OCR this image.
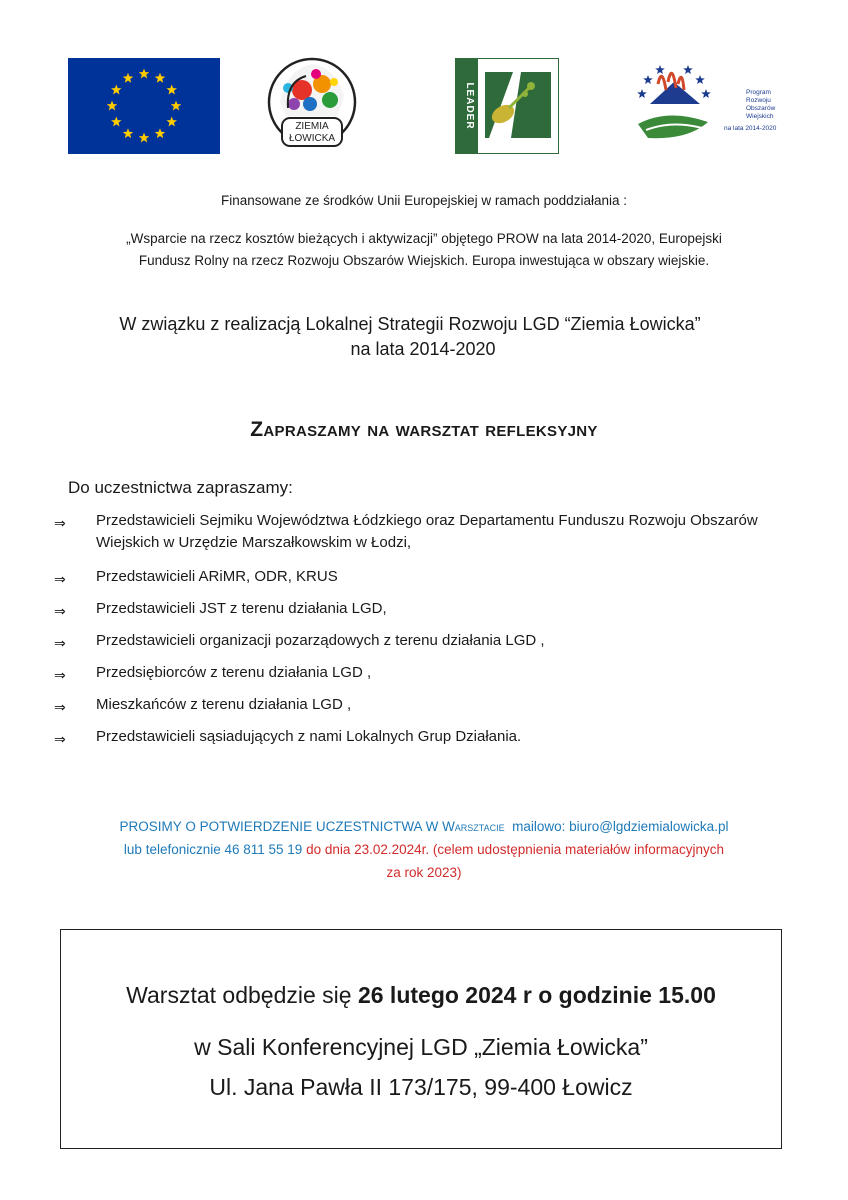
ZIEMIA
ŁOWICKA
LEADER	Program
Rozwoju
Obszarów
Wiejskich
na lata 2014-2020
Finansowane ze środków Unii Europejskiej w ramach poddziałania :
„Wsparcie na rzecz kosztów bieżących i aktywizacji” objętego PROW na lata 2014-2020, Europejski
Fundusz Rolny na rzecz Rozwoju Obszarów Wiejskich. Europa inwestująca w obszary wiejskie.
W związku z realizacją Lokalnej Strategii Rozwoju LGD “Ziemia Łowicka”
na lata 2014-2020
Zapraszamy na warsztat refleksyjny
Do uczestnictwa zapraszamy:
⇒ Przedstawicieli Sejmiku Województwa Łódzkiego oraz Departamentu Funduszu Rozwoju Obszarów Wiejskich w Urzędzie Marszałkowskim w Łodzi,
⇒ Przedstawicieli ARiMR, ODR, KRUS
⇒ Przedstawicieli JST z terenu działania LGD,
⇒ Przedstawicieli organizacji pozarządowych z terenu działania LGD ,
⇒ Przedsiębiorców z terenu działania LGD ,
⇒ Mieszkańców z terenu działania LGD ,
⇒ Przedstawicieli sąsiadujących z nami Lokalnych Grup Działania.
PROSIMY O POTWIERDZENIE UCZESTNICTWA W Warsztacie  mailowo: biuro@lgdziemialowicka.pl
lub telefonicznie 46 811 55 19 do dnia 23.02.2024r. (celem udostępnienia materiałów informacyjnych
za rok 2023)
Warsztat odbędzie się 26 lutego 2024 r o godzinie 15.00
w Sali Konferencyjnej LGD „Ziemia Łowicka”
Ul. Jana Pawła II 173/175, 99-400 Łowicz
